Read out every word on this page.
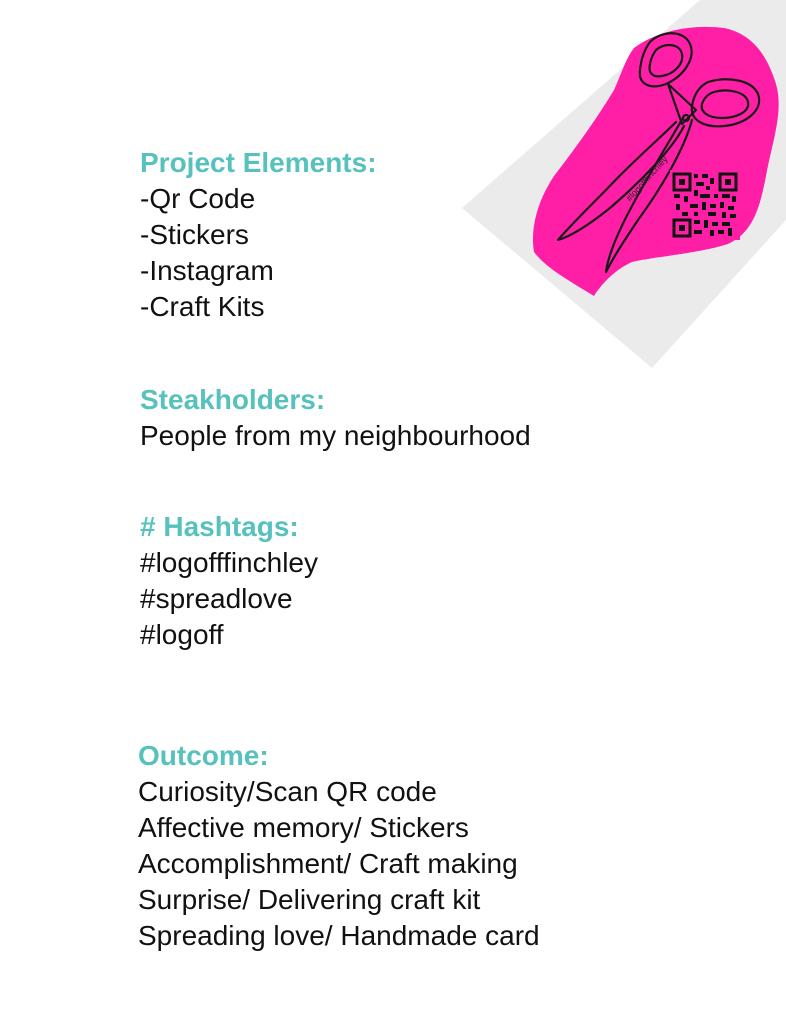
#logofffinchley
Project Elements:
-Qr Code
-Stickers
-Instagram
-Craft Kits
Steakholders:
People from my neighbourhood
# Hashtags:
#logofffinchley
#spreadlove
#logoff
Outcome:
Curiosity/Scan QR code
Affective memory/ Stickers
Accomplishment/ Craft making
Surprise/ Delivering craft kit
Spreading love/ Handmade card
